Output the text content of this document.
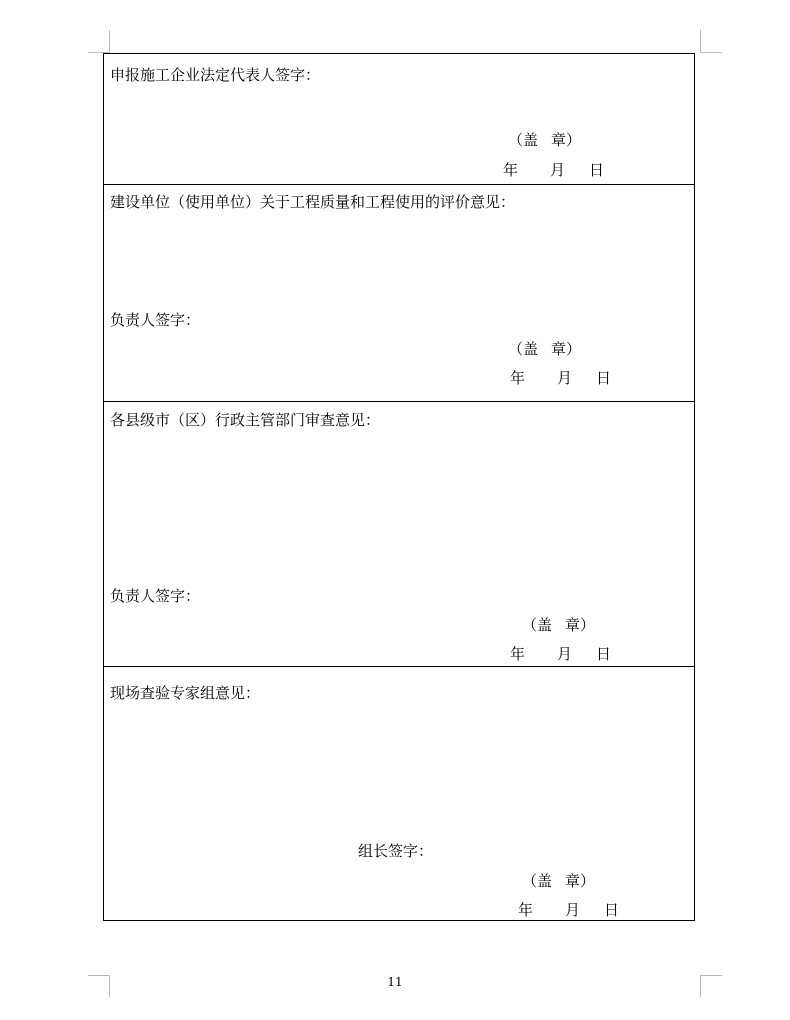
申报施工企业法定代表人签字：
（盖 章）
年 月 日
建设单位（使用单位）关于工程质量和工程使用的评价意见：
负责人签字：
（盖 章）
年 月 日
各县级市（区）行政主管部门审查意见：
负责人签字：
（盖 章）
年 月 日
现场查验专家组意见：
组长签字：
（盖 章）
年 月 日
11
